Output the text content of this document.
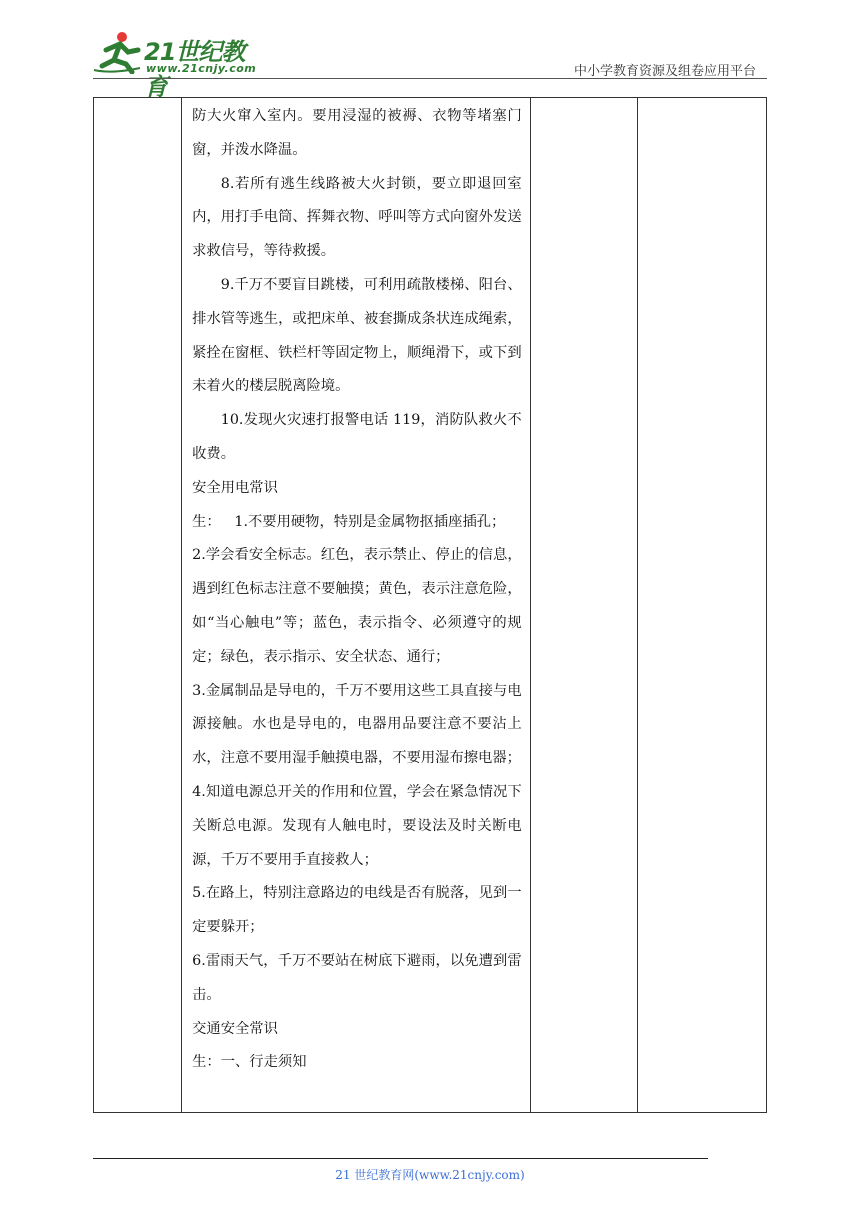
21世纪教育
www.21cnjy.com	中小学教育资源及组卷应用平台

防大火窜入室内。要用浸湿的被褥、衣物等堵塞门窗，并泼水降温。

8.若所有逃生线路被大火封锁，要立即退回室内，用打手电筒、挥舞衣物、呼叫等方式向窗外发送求救信号，等待救援。

9.千万不要盲目跳楼，可利用疏散楼梯、阳台、排水管等逃生，或把床单、被套撕成条状连成绳索，紧拴在窗框、铁栏杆等固定物上，顺绳滑下，或下到未着火的楼层脱离险境。

10.发现火灾速打报警电话 119，消防队救火不收费。

安全用电常识

生：   1.不要用硬物，特别是金属物抠插座插孔；

2.学会看安全标志。红色，表示禁止、停止的信息，遇到红色标志注意不要触摸；黄色，表示注意危险，如“当心触电”等；蓝色，表示指令、必须遵守的规定；绿色，表示指示、安全状态、通行；

3.金属制品是导电的，千万不要用这些工具直接与电源接触。水也是导电的，电器用品要注意不要沾上水，注意不要用湿手触摸电器，不要用湿布擦电器；

4.知道电源总开关的作用和位置，学会在紧急情况下关断总电源。发现有人触电时，要设法及时关断电源，千万不要用手直接救人；

5.在路上，特别注意路边的电线是否有脱落，见到一定要躲开；

6.雷雨天气，千万不要站在树底下避雨，以免遭到雷击。

交通安全常识

生：一、行走须知

21 世纪教育网(www.21cnjy.com)
